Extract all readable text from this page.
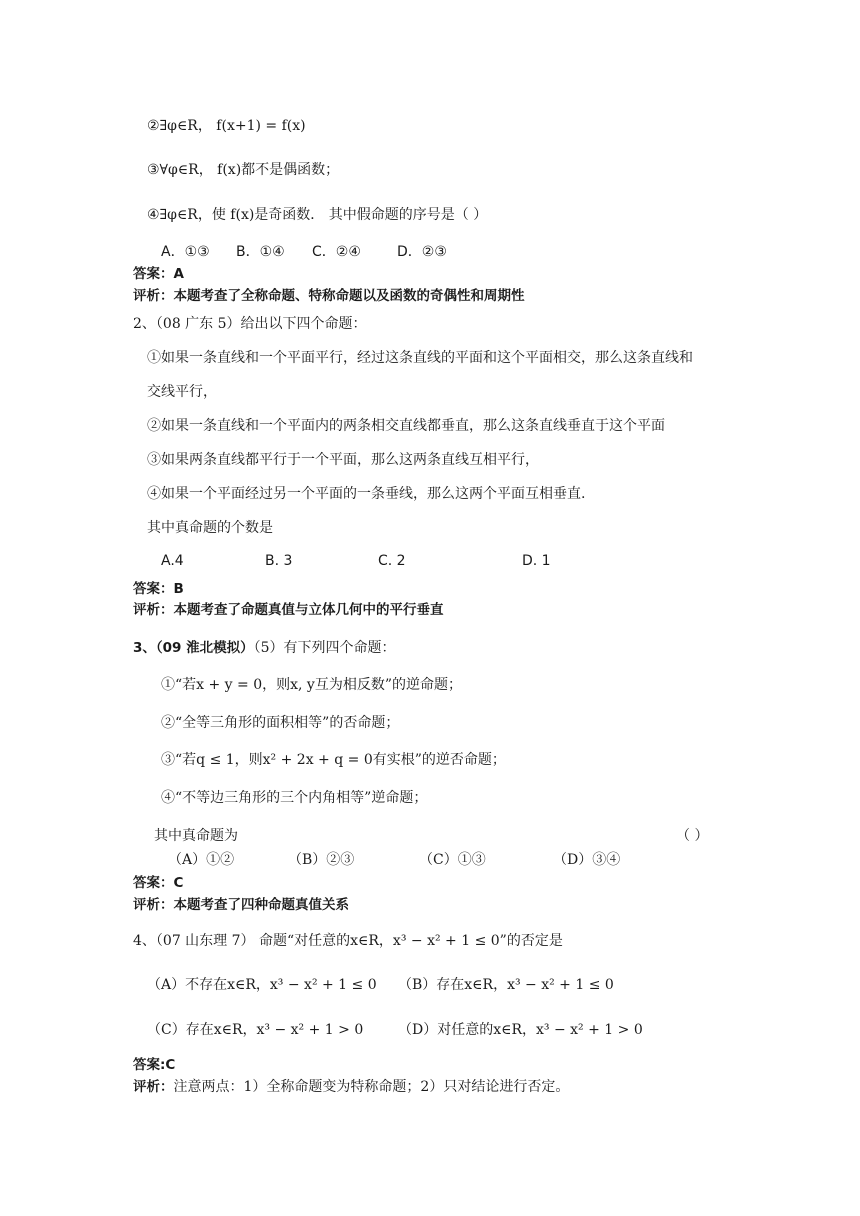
②∃φ∈R， f(x+1) = f(x)
③∀φ∈R， f(x)都不是偶函数；
④∃φ∈R，使 f(x)是奇函数． 其中假命题的序号是（ ）
A．①③ B．①④ C．②④	D．②③
答案：A
评析：本题考查了全称命题、特称命题以及函数的奇偶性和周期性
2、（08 广东 5）给出以下四个命题：
①如果一条直线和一个平面平行，经过这条直线的平面和这个平面相交，那么这条直线和
交线平行，
②如果一条直线和一个平面内的两条相交直线都垂直，那么这条直线垂直于这个平面
③如果两条直线都平行于一个平面，那么这两条直线互相平行，
④如果一个平面经过另一个平面的一条垂线，那么这两个平面互相垂直.
其中真命题的个数是
A.4	B. 3	C. 2	D. 1
答案：B
评析：本题考查了命题真值与立体几何中的平行垂直
3、（09 淮北模拟）（5）有下列四个命题：
①“若x + y = 0，则x, y互为相反数”的逆命题；
②“全等三角形的面积相等”的否命题；
③“若q ≤ 1，则x² + 2x + q = 0有实根”的逆否命题；
④“不等边三角形的三个内角相等”逆命题；
其中真命题为	（ ）
（A）①②	（B）②③	（C）①③	（D）③④
答案：C
评析：本题考查了四种命题真值关系
4、（07 山东理 7） 命题“对任意的x∈R，x³ − x² + 1 ≤ 0”的否定是
（A）不存在x∈R，x³ − x² + 1 ≤ 0 （B）存在x∈R，x³ − x² + 1 ≤ 0
（C）存在x∈R，x³ − x² + 1 > 0 （D）对任意的x∈R，x³ − x² + 1 > 0
答案:C
评析：注意两点：1）全称命题变为特称命题；2）只对结论进行否定。
